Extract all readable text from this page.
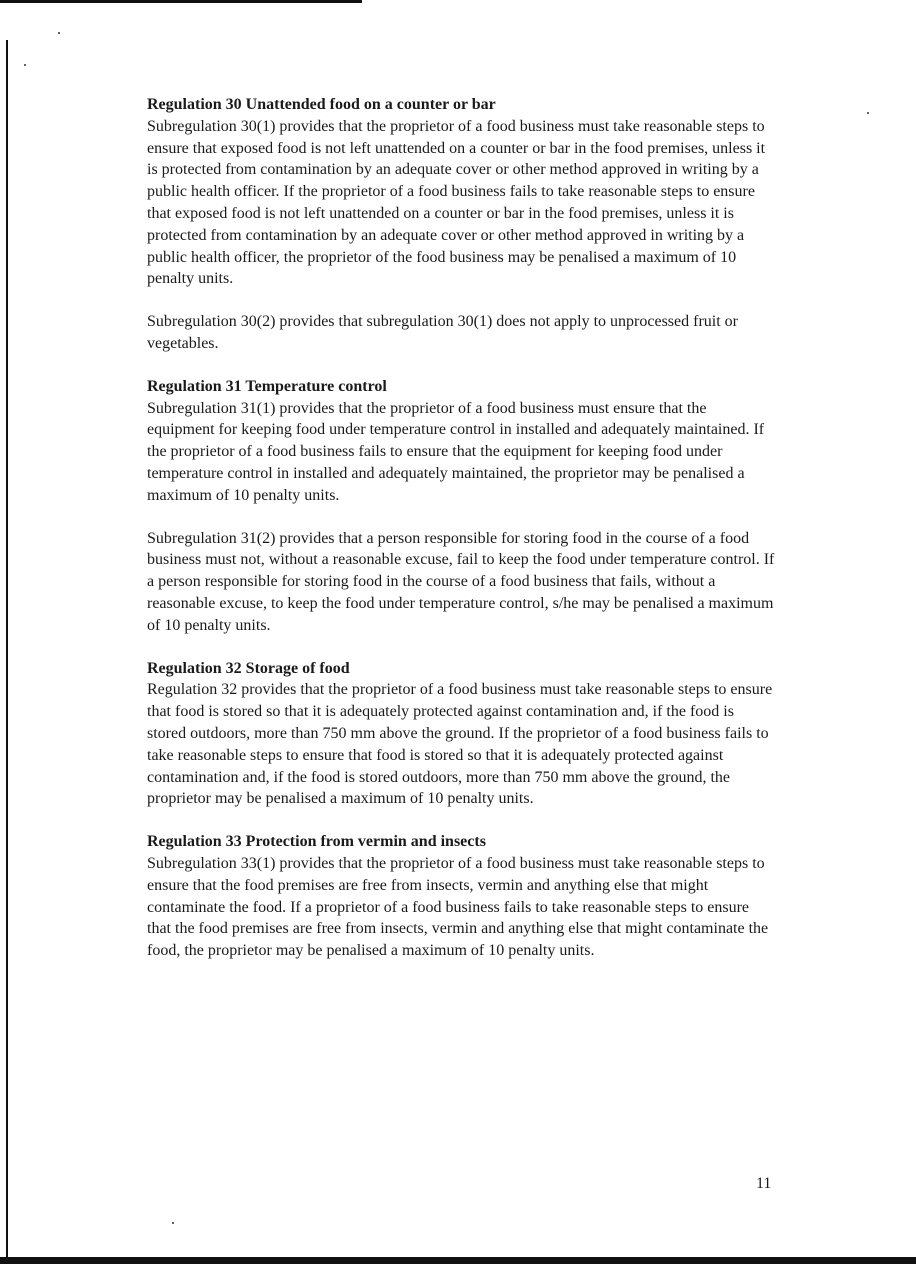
Regulation 30 Unattended food on a counter or bar

Subregulation 30(1) provides that the proprietor of a food business must take reasonable steps to ensure that exposed food is not left unattended on a counter or bar in the food premises, unless it is protected from contamination by an adequate cover or other method approved in writing by a public health officer. If the proprietor of a food business fails to take reasonable steps to ensure that exposed food is not left unattended on a counter or bar in the food premises, unless it is protected from contamination by an adequate cover or other method approved in writing by a public health officer, the proprietor of the food business may be penalised a maximum of 10 penalty units.

Subregulation 30(2) provides that subregulation 30(1) does not apply to unprocessed fruit or vegetables.

Regulation 31 Temperature control

Subregulation 31(1) provides that the proprietor of a food business must ensure that the equipment for keeping food under temperature control in installed and adequately maintained. If the proprietor of a food business fails to ensure that the equipment for keeping food under temperature control in installed and adequately maintained, the proprietor may be penalised a maximum of 10 penalty units.

Subregulation 31(2) provides that a person responsible for storing food in the course of a food business must not, without a reasonable excuse, fail to keep the food under temperature control. If a person responsible for storing food in the course of a food business that fails, without a reasonable excuse, to keep the food under temperature control, s/he may be penalised a maximum of 10 penalty units.

Regulation 32 Storage of food

Regulation 32 provides that the proprietor of a food business must take reasonable steps to ensure that food is stored so that it is adequately protected against contamination and, if the food is stored outdoors, more than 750 mm above the ground. If the proprietor of a food business fails to take reasonable steps to ensure that food is stored so that it is adequately protected against contamination and, if the food is stored outdoors, more than 750 mm above the ground, the proprietor may be penalised a maximum of 10 penalty units.

Regulation 33 Protection from vermin and insects

Subregulation 33(1) provides that the proprietor of a food business must take reasonable steps to ensure that the food premises are free from insects, vermin and anything else that might contaminate the food. If a proprietor of a food business fails to take reasonable steps to ensure that the food premises are free from insects, vermin and anything else that might contaminate the food, the proprietor may be penalised a maximum of 10 penalty units.

11
